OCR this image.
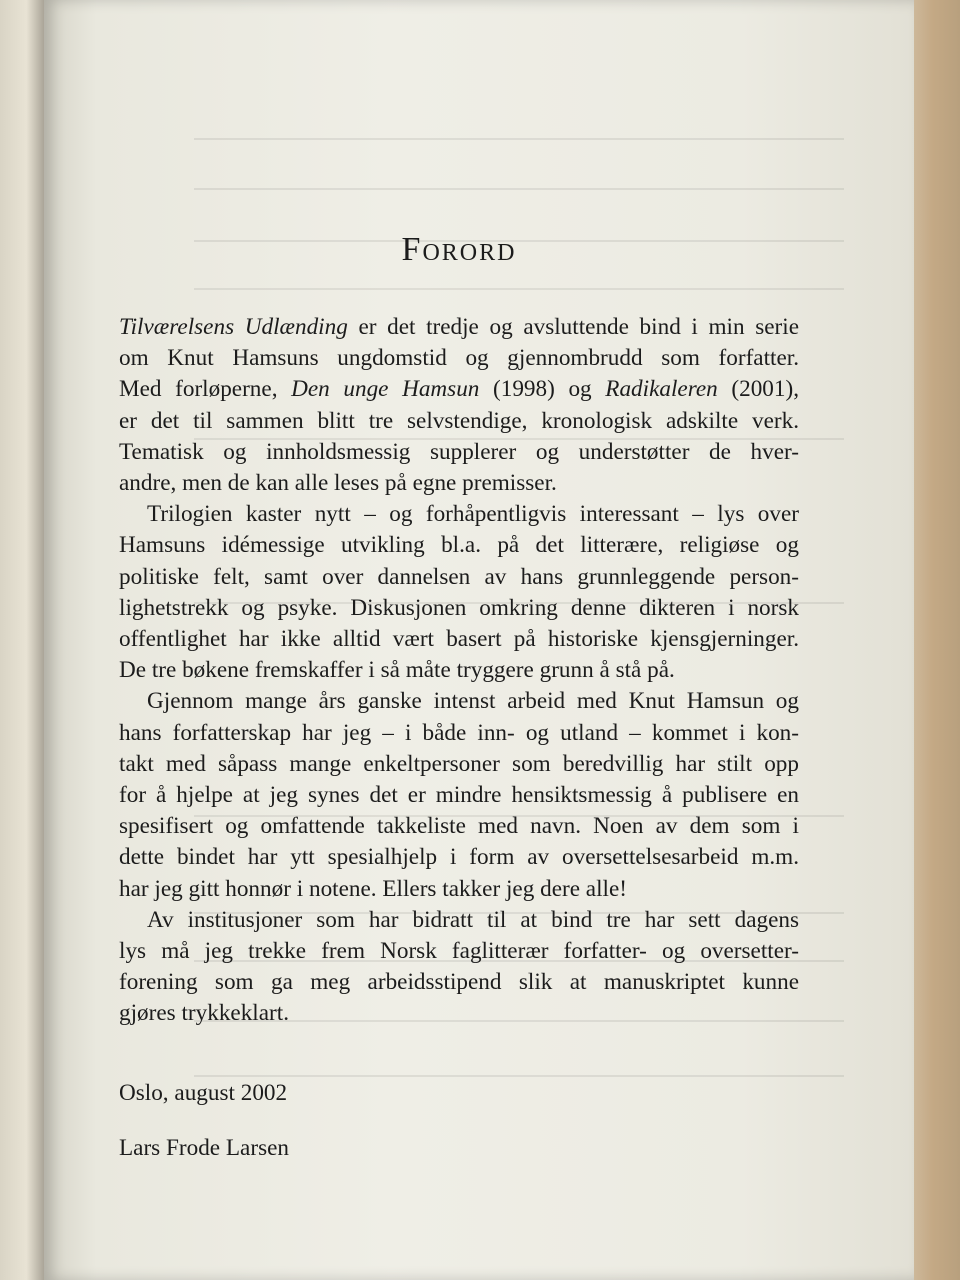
Forord
Tilværelsens Udlænding er det tredje og avsluttende bind i min serie
om Knut Hamsuns ungdomstid og gjennombrudd som forfatter.
Med forløperne, Den unge Hamsun (1998) og Radikaleren (2001),
er det til sammen blitt tre selvstendige, kronologisk adskilte verk.
Tematisk og innholdsmessig supplerer og understøtter de hver-
andre, men de kan alle leses på egne premisser.
Trilogien kaster nytt – og forhåpentligvis interessant – lys over
Hamsuns idémessige utvikling bl.a. på det litterære, religiøse og
politiske felt, samt over dannelsen av hans grunnleggende person-
lighetstrekk og psyke. Diskusjonen omkring denne dikteren i norsk
offentlighet har ikke alltid vært basert på historiske kjensgjerninger.
De tre bøkene fremskaffer i så måte tryggere grunn å stå på.
Gjennom mange års ganske intenst arbeid med Knut Hamsun og
hans forfatterskap har jeg – i både inn- og utland – kommet i kon-
takt med såpass mange enkeltpersoner som beredvillig har stilt opp
for å hjelpe at jeg synes det er mindre hensiktsmessig å publisere en
spesifisert og omfattende takkeliste med navn. Noen av dem som i
dette bindet har ytt spesialhjelp i form av oversettelsesarbeid m.m.
har jeg gitt honnør i notene. Ellers takker jeg dere alle!
Av institusjoner som har bidratt til at bind tre har sett dagens
lys må jeg trekke frem Norsk faglitterær forfatter- og oversetter-
forening som ga meg arbeidsstipend slik at manuskriptet kunne
gjøres trykkeklart.
Oslo, august 2002
Lars Frode Larsen
